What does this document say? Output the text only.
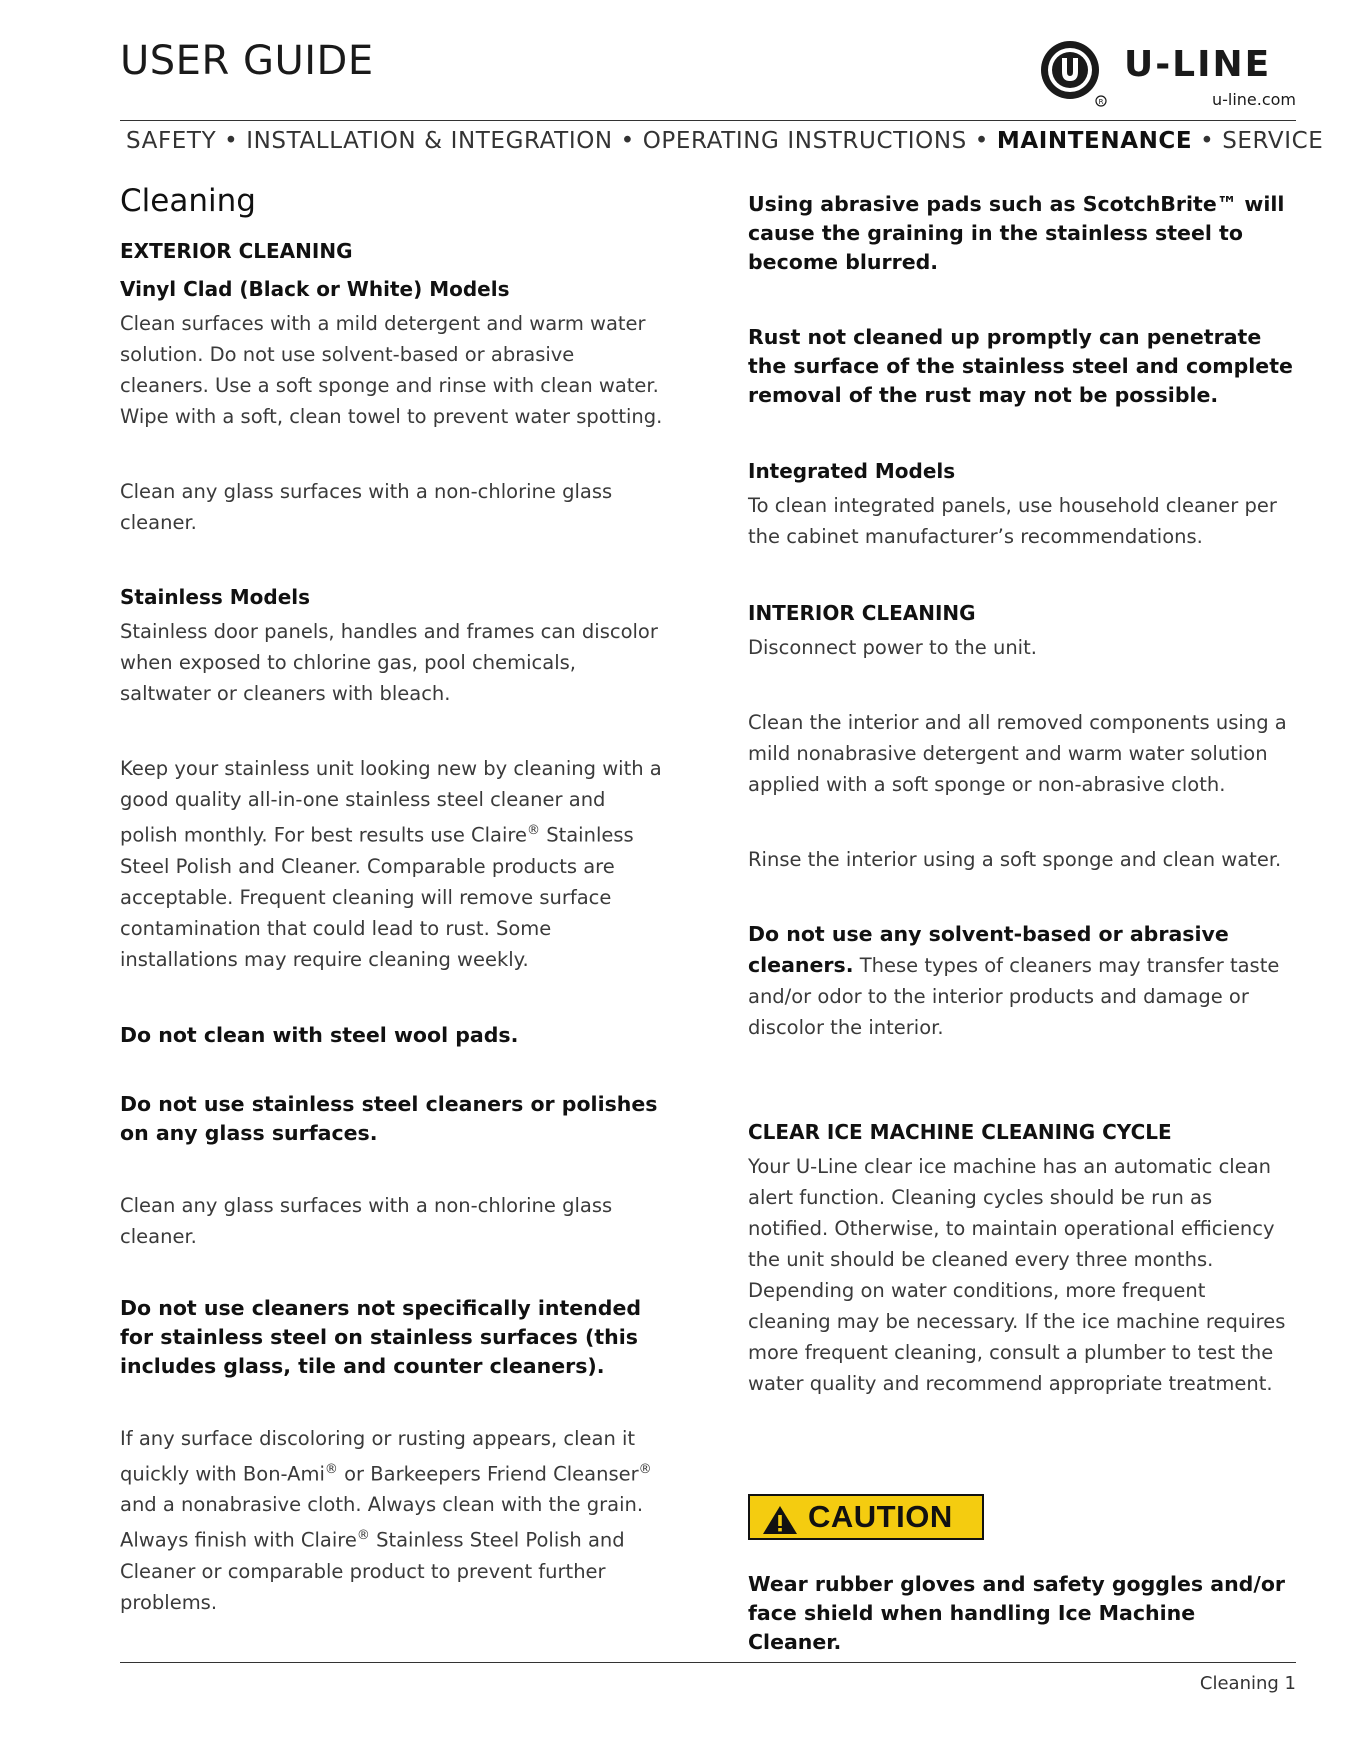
USER GUIDE
R
U-LINE
u-line.com
SAFETY • INSTALLATION & INTEGRATION • OPERATING INSTRUCTIONS • MAINTENANCE • SERVICE
Cleaning
EXTERIOR CLEANING
Vinyl Clad (Black or White) Models

Clean surfaces with a mild detergent and warm water solution. Do not use solvent-based or abrasive cleaners. Use a soft sponge and rinse with clean water. Wipe with a soft, clean towel to prevent water spotting.

Clean any glass surfaces with a non-chlorine glass cleaner.

Stainless Models

Stainless door panels, handles and frames can discolor when exposed to chlorine gas, pool chemicals, saltwater or cleaners with bleach.

Keep your stainless unit looking new by cleaning with a good quality all-in-one stainless steel cleaner and polish monthly. For best results use Claire® Stainless Steel Polish and Cleaner. Comparable products are acceptable. Frequent cleaning will remove surface contamination that could lead to rust. Some installations may require cleaning weekly.

Do not clean with steel wool pads.

Do not use stainless steel cleaners or polishes on any glass surfaces.

Clean any glass surfaces with a non-chlorine glass cleaner.

Do not use cleaners not specifically intended for stainless steel on stainless surfaces (this includes glass, tile and counter cleaners).

If any surface discoloring or rusting appears, clean it quickly with Bon-Ami® or Barkeepers Friend Cleanser® and a nonabrasive cloth. Always clean with the grain. Always finish with Claire® Stainless Steel Polish and Cleaner or comparable product to prevent further problems.

Using abrasive pads such as ScotchBrite™ will cause the graining in the stainless steel to become blurred.

Rust not cleaned up promptly can penetrate the surface of the stainless steel and complete removal of the rust may not be possible.

Integrated Models

To clean integrated panels, use household cleaner per the cabinet manufacturer’s recommendations.

INTERIOR CLEANING

Disconnect power to the unit.

Clean the interior and all removed components using a mild nonabrasive detergent and warm water solution applied with a soft sponge or non-abrasive cloth.

Rinse the interior using a soft sponge and clean water.

Do not use any solvent-based or abrasive cleaners. These types of cleaners may transfer taste and/or odor to the interior products and damage or discolor the interior.

CLEAR ICE MACHINE CLEANING CYCLE

Your U-Line clear ice machine has an automatic clean alert function. Cleaning cycles should be run as notified. Otherwise, to maintain operational efficiency the unit should be cleaned every three months. Depending on water conditions, more frequent cleaning may be necessary. If the ice machine requires more frequent cleaning, consult a plumber to test the water quality and recommend appropriate treatment.

CAUTION

Wear rubber gloves and safety goggles and/or face shield when handling Ice Machine Cleaner.

Cleaning 1
